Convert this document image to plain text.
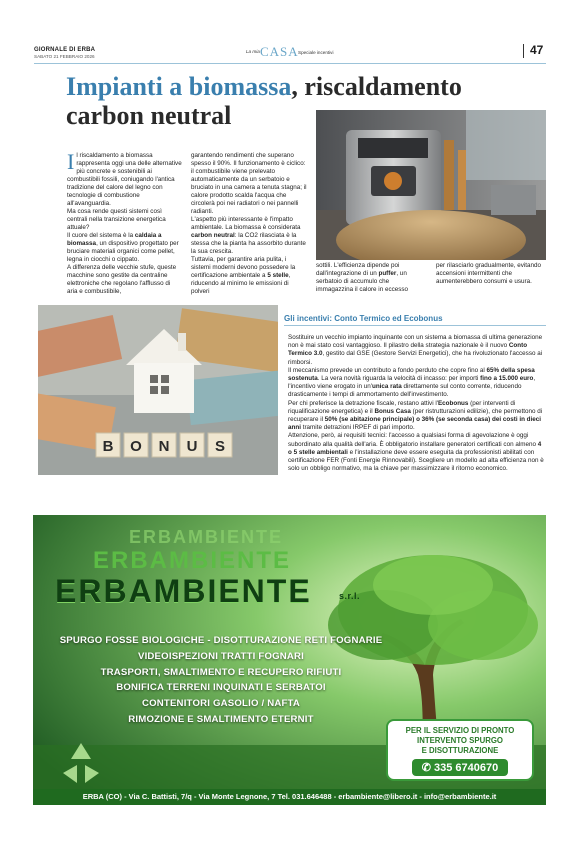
GIORNALE DI ERBA
SABATO 21 FEBBRAIO 2026
La mia CASA Speciale incentivi	47
Impianti a biomassa, riscaldamento carbon neutral
I l riscaldamento a biomassa rappresenta oggi una delle alternative più concrete e sostenibili ai combustibili fossili, coniugando l'antica tradizione del calore del legno con tecnologie di combustione all'avanguardia.
Ma cosa rende questi sistemi così centrali nella transizione energetica attuale?
Il cuore del sistema è la caldaia a biomassa, un dispositivo progettato per bruciare materiali organici come pellet, legna in ciocchi o cippato.
A differenza delle vecchie stufe, queste macchine sono gestite da centraline elettroniche che regolano l'afflusso di aria e combustibile,
garantendo rendimenti che superano spesso il 90%. Il funzionamento è ciclico: il combustibile viene prelevato automaticamente da un serbatoio e bruciato in una camera a tenuta stagna; il calore prodotto scalda l'acqua che circolerà poi nei radiatori o nei pannelli radianti.
L'aspetto più interessante è l'impatto ambientale. La biomassa è considerata carbon neutral: la CO2 rilasciata è la stessa che la pianta ha assorbito durante la sua crescita.
Tuttavia, per garantire aria pulita, i sistemi moderni devono possedere la certificazione ambientale a 5 stelle, riducendo al minimo le emissioni di polveri
sottili. L'efficienza dipende poi dall'integrazione di un puffer, un serbatoio di accumulo che immagazzina il calore in eccesso
per rilasciarlo gradualmente, evitando accensioni intermittenti che aumenterebbero consumi e usura.
B O N U S
Gli incentivi: Conto Termico ed Ecobonus
Sostituire un vecchio impianto inquinante con un sistema a biomassa di ultima generazione non è mai stato così vantaggioso. Il pilastro della strategia nazionale è il nuovo Conto Termico 3.0, gestito dal GSE (Gestore Servizi Energetici), che ha rivoluzionato l'accesso ai rimborsi.
Il meccanismo prevede un contributo a fondo perduto che copre fino al 65% della spesa sostenuta. La vera novità riguarda la velocità di incasso: per importi fino a 15.000 euro, l'incentivo viene erogato in un'unica rata direttamente sul conto corrente, riducendo drasticamente i tempi di ammortamento dell'investimento.
Per chi preferisce la detrazione fiscale, restano attivi l'Ecobonus (per interventi di riqualificazione energetica) e il Bonus Casa (per ristrutturazioni edilizie), che permettono di recuperare il 50% (se abitazione principale) o 36% (se seconda casa) dei costi in dieci anni tramite detrazioni IRPEF di pari importo.
Attenzione, però, ai requisiti tecnici: l'accesso a qualsiasi forma di agevolazione è oggi subordinato alla qualità dell'aria. È obbligatorio installare generatori certificati con almeno 4 o 5 stelle ambientali e l'installazione deve essere eseguita da professionisti abilitati con certificazione FER (Fonti Energie Rinnovabili). Scegliere un modello ad alta efficienza non è solo un obbligo normativo, ma la chiave per massimizzare il ritorno economico.
ERBAMBIENTE
ERBAMBIENTE
ERBAMBIENTE	s.r.l.
SPURGO FOSSE BIOLOGICHE - DISOTTURAZIONE RETI FOGNARIE
VIDEOISPEZIONI TRATTI FOGNARI
TRASPORTI, SMALTIMENTO E RECUPERO RIFIUTI
BONIFICA TERRENI INQUINATI E SERBATOI
CONTENITORI GASOLIO / NAFTA
RIMOZIONE E SMALTIMENTO ETERNIT
PER IL SERVIZIO DI PRONTO
INTERVENTO SPURGO
E DISOTTURAZIONE
✆ 335 6740670
ERBA (CO) - Via C. Battisti, 7/q - Via Monte Legnone, 7 Tel. 031.646488 - erbambiente@libero.it - info@erbambiente.it
